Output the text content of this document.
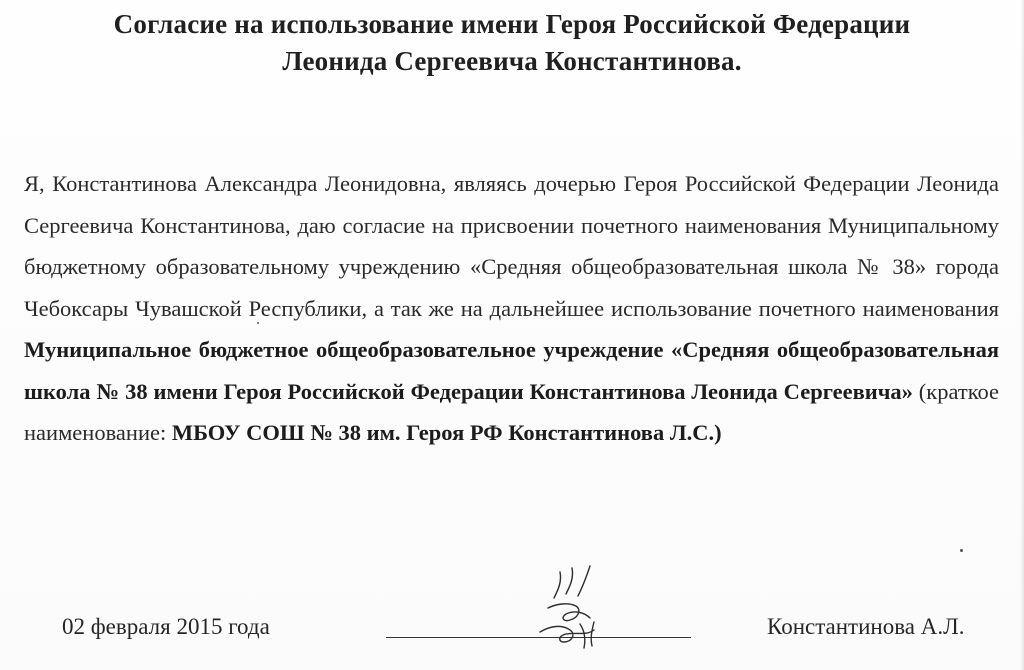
Согласие на использование имени Героя Российской Федерации
Леонида Сергеевича Константинова.
Я, Константинова Александра Леонидовна, являясь дочерью Героя Российской Федерации Леонида Сергеевича Константинова, даю согласие на присвоении почетного наименования Муниципальному бюджетному образовательному учреждению «Средняя общеобразовательная школа № 38» города Чебоксары Чувашской Республики, а так же на дальнейшее использование почетного наименования Муниципальное бюджетное общеобразовательное учреждение «Средняя общеобразовательная школа № 38 имени Героя Российской Федерации Константинова Леонида Сергеевича» (краткое наименование: МБОУ СОШ № 38 им. Героя РФ Константинова Л.С.)
02 февраля 2015 года	Константинова А.Л.
